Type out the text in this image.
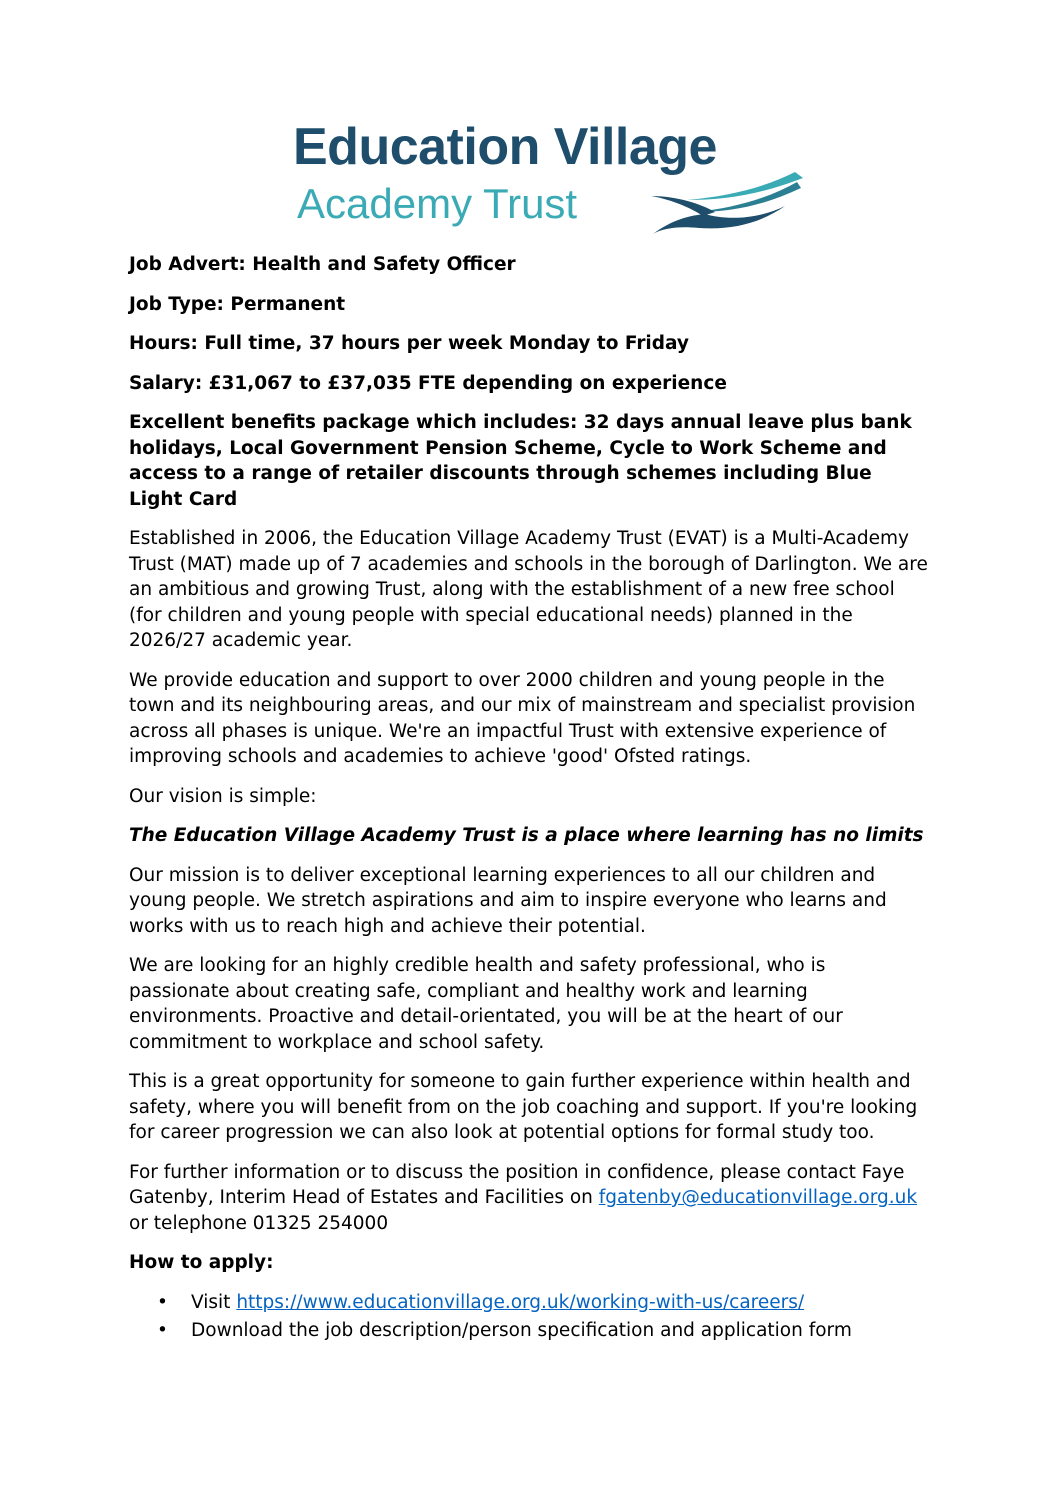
Education Village
Academy Trust

Job Advert: Health and Safety Officer

Job Type: Permanent

Hours: Full time, 37 hours per week Monday to Friday

Salary: £31,067 to £37,035 FTE depending on experience

Excellent benefits package which includes: 32 days annual leave plus bank holidays, Local Government Pension Scheme, Cycle to Work Scheme and access to a range of retailer discounts through schemes including Blue Light Card

Established in 2006, the Education Village Academy Trust (EVAT) is a Multi-Academy Trust (MAT) made up of 7 academies and schools in the borough of Darlington. We are an ambitious and growing Trust, along with the establishment of a new free school (for children and young people with special educational needs) planned in the 2026/27 academic year.

We provide education and support to over 2000 children and young people in the town and its neighbouring areas, and our mix of mainstream and specialist provision across all phases is unique. We're an impactful Trust with extensive experience of improving schools and academies to achieve 'good' Ofsted ratings.

Our vision is simple:

The Education Village Academy Trust is a place where learning has no limits

Our mission is to deliver exceptional learning experiences to all our children and young people. We stretch aspirations and aim to inspire everyone who learns and works with us to reach high and achieve their potential.

We are looking for an highly credible health and safety professional, who is passionate about creating safe, compliant and healthy work and learning environments. Proactive and detail-orientated, you will be at the heart of our commitment to workplace and school safety.

This is a great opportunity for someone to gain further experience within health and safety, where you will benefit from on the job coaching and support. If you're looking for career progression we can also look at potential options for formal study too.

For further information or to discuss the position in confidence, please contact Faye Gatenby, Interim Head of Estates and Facilities on fgatenby@educationvillage.org.uk or telephone 01325 254000

How to apply:

• Visit https://www.educationvillage.org.uk/working-with-us/careers/
• Download the job description/person specification and application form
